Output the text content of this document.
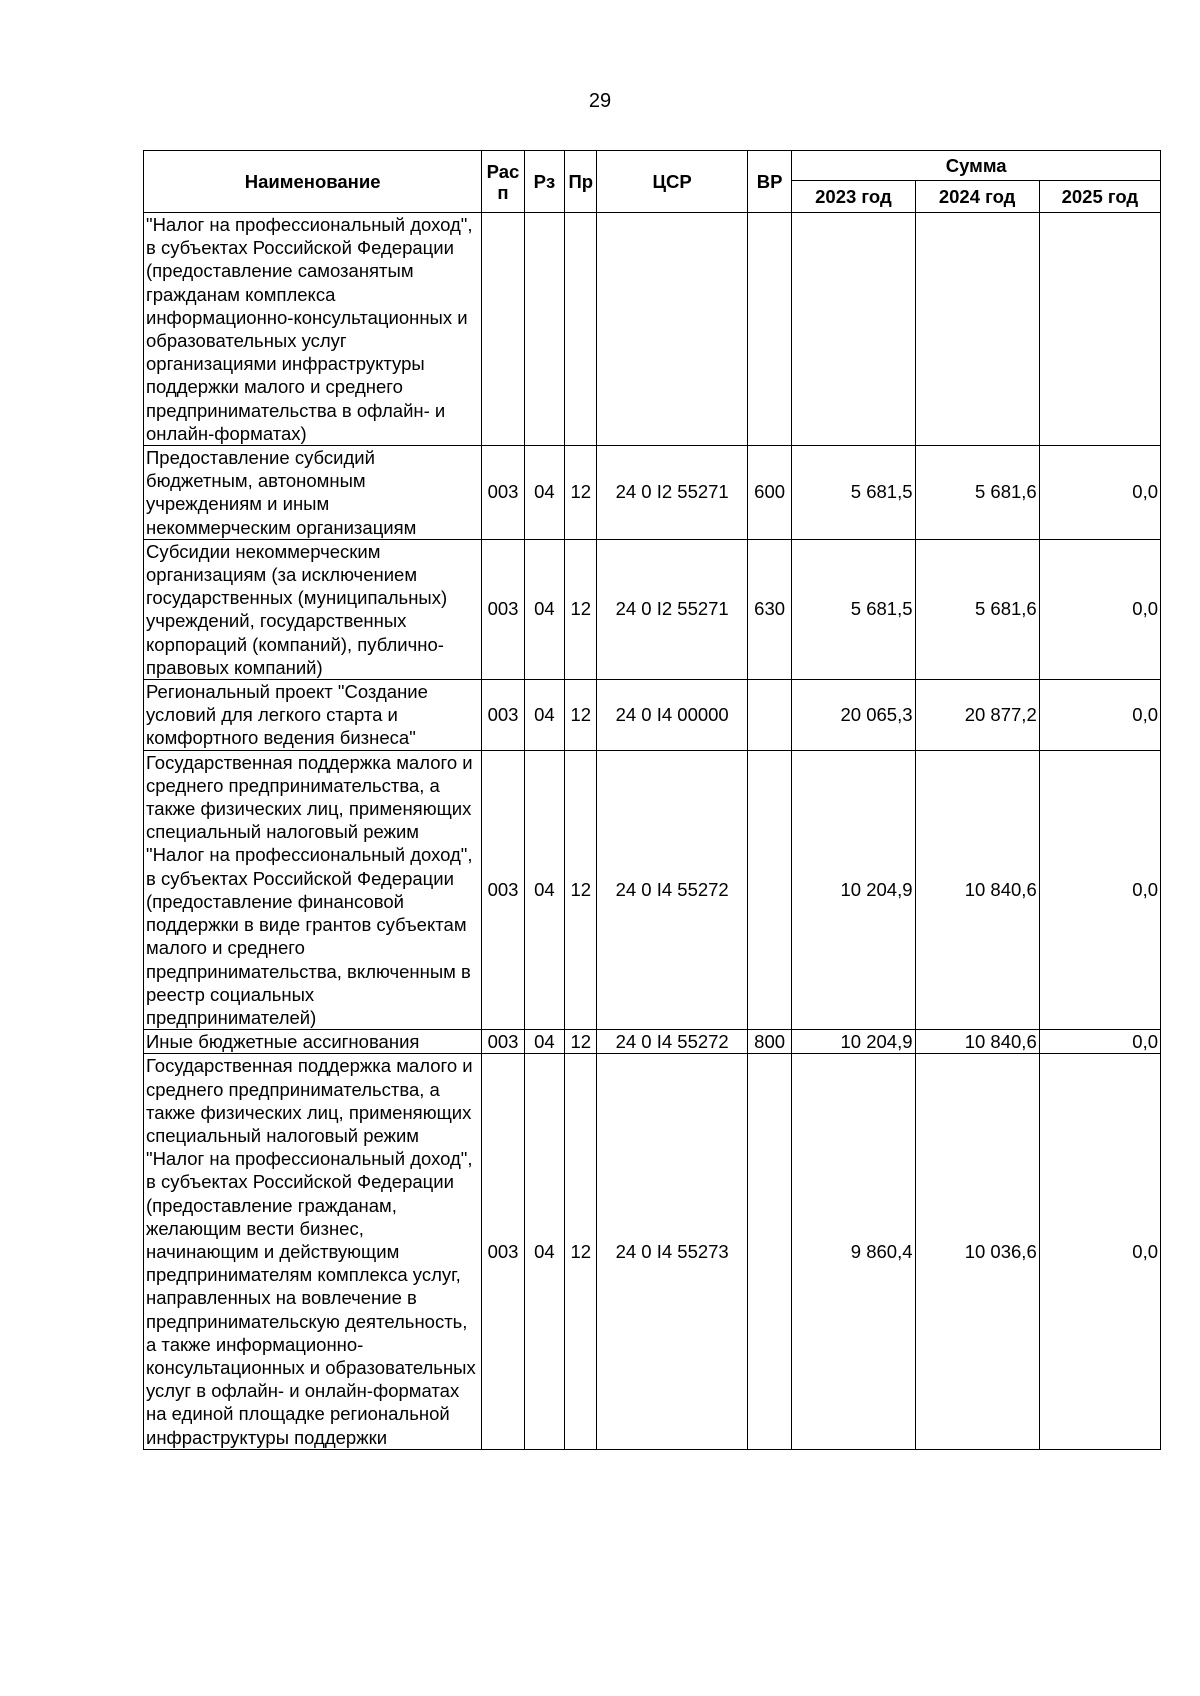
29
Наименование	Рас п	Рз	Пр	ЦСР	ВР	Сумма		
						2023 год	2024 год	2025 год
"Налог на профессиональный доход", в субъектах Российской Федерации (предоставление самозанятым гражданам комплекса информационно-консультационных и образовательных услуг организациями инфраструктуры поддержки малого и среднего предпринимательства в офлайн- и онлайн-форматах)								
Предоставление субсидий бюджетным, автономным учреждениям и иным некоммерческим организациям	003	04	12	24 0 I2 55271	600	5 681,5	5 681,6	0,0
Субсидии некоммерческим организациям (за исключением государственных (муниципальных) учреждений, государственных корпораций (компаний), публично-правовых компаний)	003	04	12	24 0 I2 55271	630	5 681,5	5 681,6	0,0
Региональный проект "Создание условий для легкого старта и комфортного ведения бизнеса"	003	04	12	24 0 I4 00000		20 065,3	20 877,2	0,0
Государственная поддержка малого и среднего предпринимательства, а также физических лиц, применяющих специальный налоговый режим "Налог на профессиональный доход", в субъектах Российской Федерации (предоставление финансовой поддержки в виде грантов субъектам малого и среднего предпринимательства, включенным в реестр социальных предпринимателей)	003	04	12	24 0 I4 55272		10 204,9	10 840,6	0,0
Иные бюджетные ассигнования	003	04	12	24 0 I4 55272	800	10 204,9	10 840,6	0,0
Государственная поддержка малого и среднего предпринимательства, а также физических лиц, применяющих специальный налоговый режим "Налог на профессиональный доход", в субъектах Российской Федерации (предоставление гражданам, желающим вести бизнес, начинающим и действующим предпринимателям комплекса услуг, направленных на вовлечение в предпринимательскую деятельность, а также информационно-консультационных и образовательных услуг в офлайн- и онлайн-форматах на единой площадке региональной инфраструктуры поддержки	003	04	12	24 0 I4 55273		9 860,4	10 036,6	0,0
